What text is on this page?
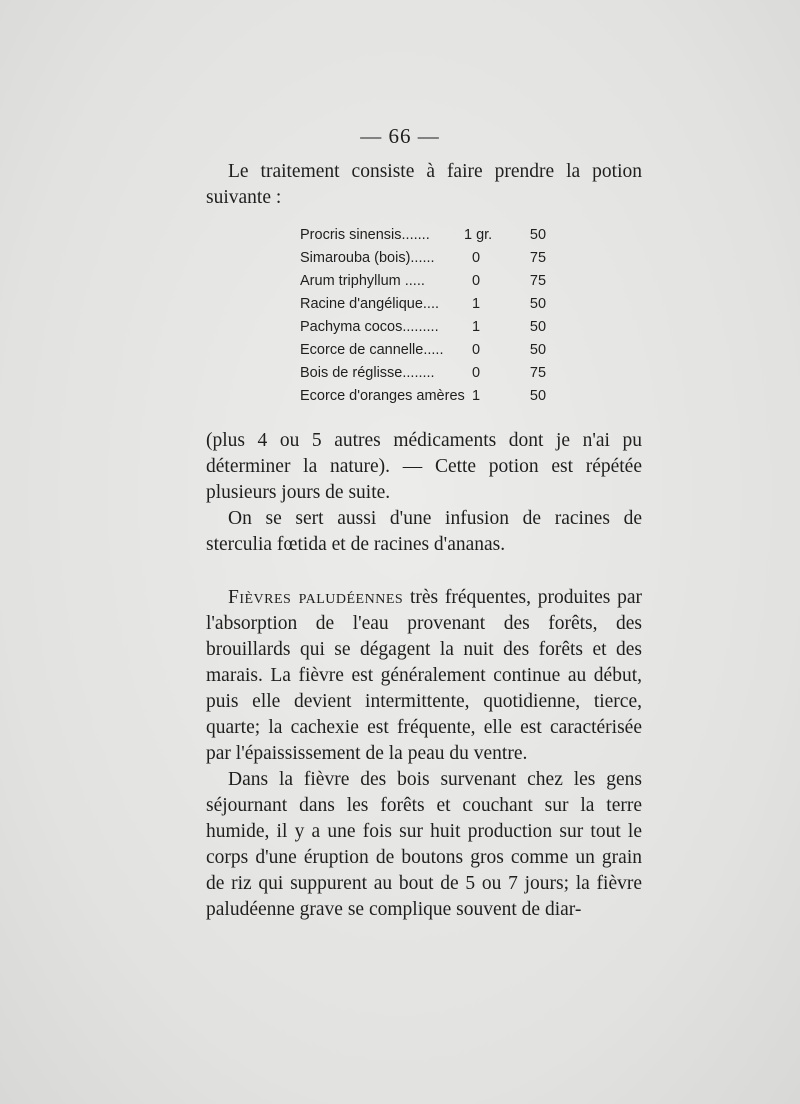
— 66 —

Le traitement consiste à faire prendre la potion suivante :

Procris sinensis....... 1 gr.	50
Simarouba (bois)......	0	75
Arum triphyllum .....	0	75
Racine d'angélique....	1	50
Pachyma cocos.........	1	50
Ecorce de cannelle.....	0	50
Bois de réglisse........	0	75
Ecorce d'oranges amères 1	50

(plus 4 ou 5 autres médicaments dont je n'ai pu déterminer la nature). — Cette potion est répétée plusieurs jours de suite.

On se sert aussi d'une infusion de racines de sterculia fœtida et de racines d'ananas.

Fièvres paludéennes très fréquentes, produites par l'absorption de l'eau provenant des forêts, des brouillards qui se dégagent la nuit des forêts et des marais. La fièvre est généralement continue au début, puis elle devient intermittente, quotidienne, tierce, quarte; la cachexie est fréquente, elle est caractérisée par l'épaississement de la peau du ventre.

Dans la fièvre des bois survenant chez les gens séjournant dans les forêts et couchant sur la terre humide, il y a une fois sur huit production sur tout le corps d'une éruption de boutons gros comme un grain de riz qui suppurent au bout de 5 ou 7 jours; la fièvre paludéenne grave se complique souvent de diar-
